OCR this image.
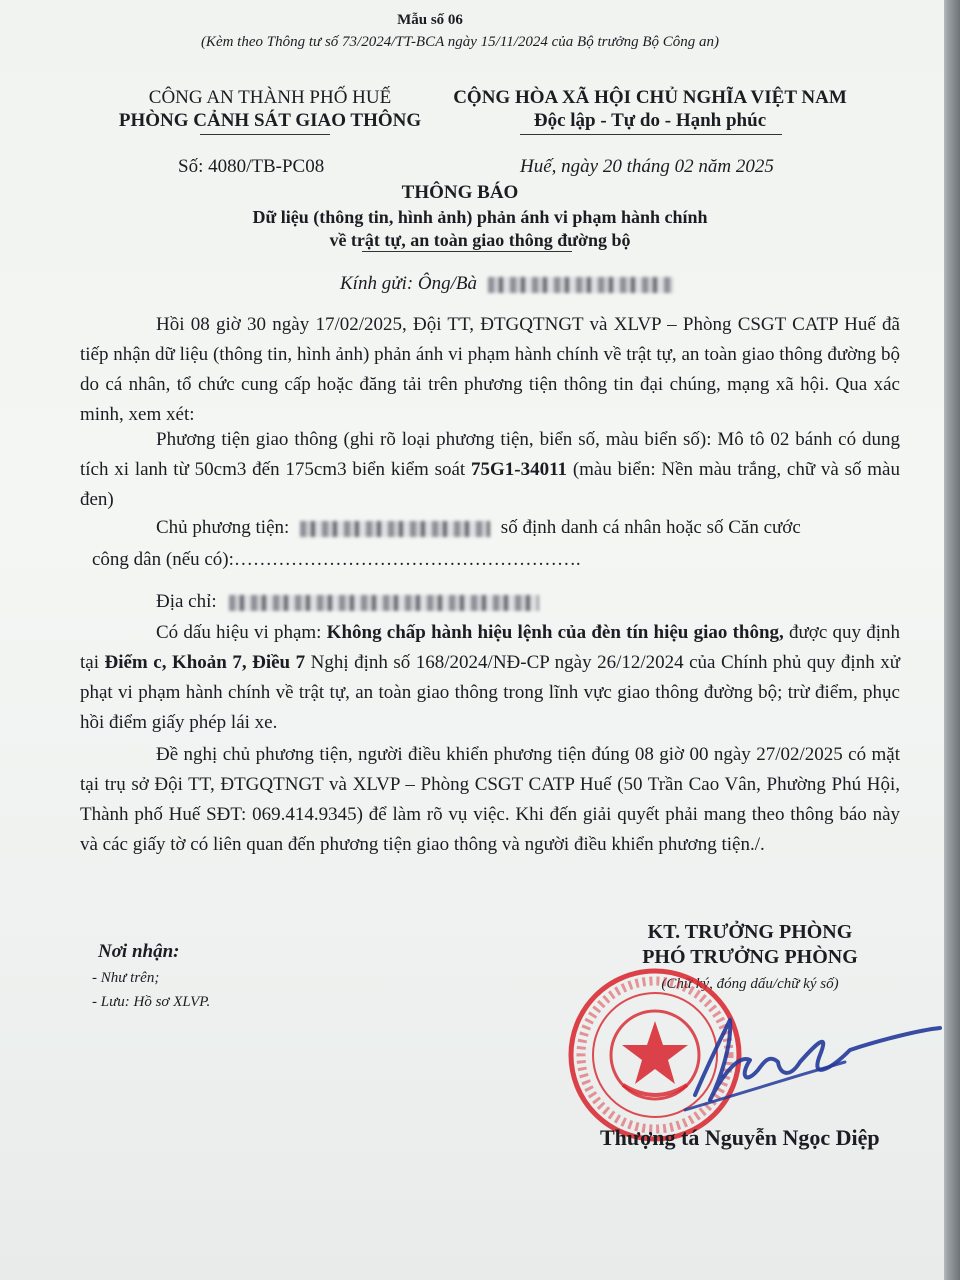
Mẫu số 06
(Kèm theo Thông tư số 73/2024/TT-BCA ngày 15/11/2024 của Bộ trưởng Bộ Công an)
CÔNG AN THÀNH PHỐ HUẾ
PHÒNG CẢNH SÁT GIAO THÔNG
CỘNG HÒA XÃ HỘI CHỦ NGHĨA VIỆT NAM
Độc lập - Tự do - Hạnh phúc
Số: 4080/TB-PC08	Huế, ngày 20 tháng 02 năm 2025
THÔNG BÁO
Dữ liệu (thông tin, hình ảnh) phản ánh vi phạm hành chính
về trật tự, an toàn giao thông đường bộ
Kính gửi: Ông/Bà

Hồi 08 giờ 30 ngày 17/02/2025, Đội TT, ĐTGQTNGT và XLVP – Phòng CSGT CATP Huế đã tiếp nhận dữ liệu (thông tin, hình ảnh) phản ánh vi phạm hành chính về trật tự, an toàn giao thông đường bộ do cá nhân, tổ chức cung cấp hoặc đăng tải trên phương tiện thông tin đại chúng, mạng xã hội. Qua xác minh, xem xét:

Phương tiện giao thông (ghi rõ loại phương tiện, biển số, màu biển số): Mô tô 02 bánh có dung tích xi lanh từ 50cm3 đến 175cm3 biển kiểm soát 75G1-34011 (màu biển: Nền màu trắng, chữ và số màu đen)

Chủ phương tiện:	số định danh cá nhân hoặc số Căn cước
công dân (nếu có):……………………………………………….
Địa chỉ:

Có dấu hiệu vi phạm: Không chấp hành hiệu lệnh của đèn tín hiệu giao thông, được quy định tại Điểm c, Khoản 7, Điều 7 Nghị định số 168/2024/NĐ-CP ngày 26/12/2024 của Chính phủ quy định xử phạt vi phạm hành chính về trật tự, an toàn giao thông trong lĩnh vực giao thông đường bộ; trừ điểm, phục hồi điểm giấy phép lái xe.

Đề nghị chủ phương tiện, người điều khiển phương tiện đúng 08 giờ 00 ngày 27/02/2025 có mặt tại trụ sở Đội TT, ĐTGQTNGT và XLVP – Phòng CSGT CATP Huế (50 Trần Cao Vân, Phường Phú Hội, Thành phố Huế SĐT: 069.414.9345) để làm rõ vụ việc. Khi đến giải quyết phải mang theo thông báo này và các giấy tờ có liên quan đến phương tiện giao thông và người điều khiển phương tiện./.

Nơi nhận:
- Như trên;
- Lưu: Hồ sơ XLVP.
KT. TRƯỞNG PHÒNG
PHÓ TRƯỞNG PHÒNG
(Chữ ký, đóng dấu/chữ ký số)
Thượng tá Nguyễn Ngọc Diệp
